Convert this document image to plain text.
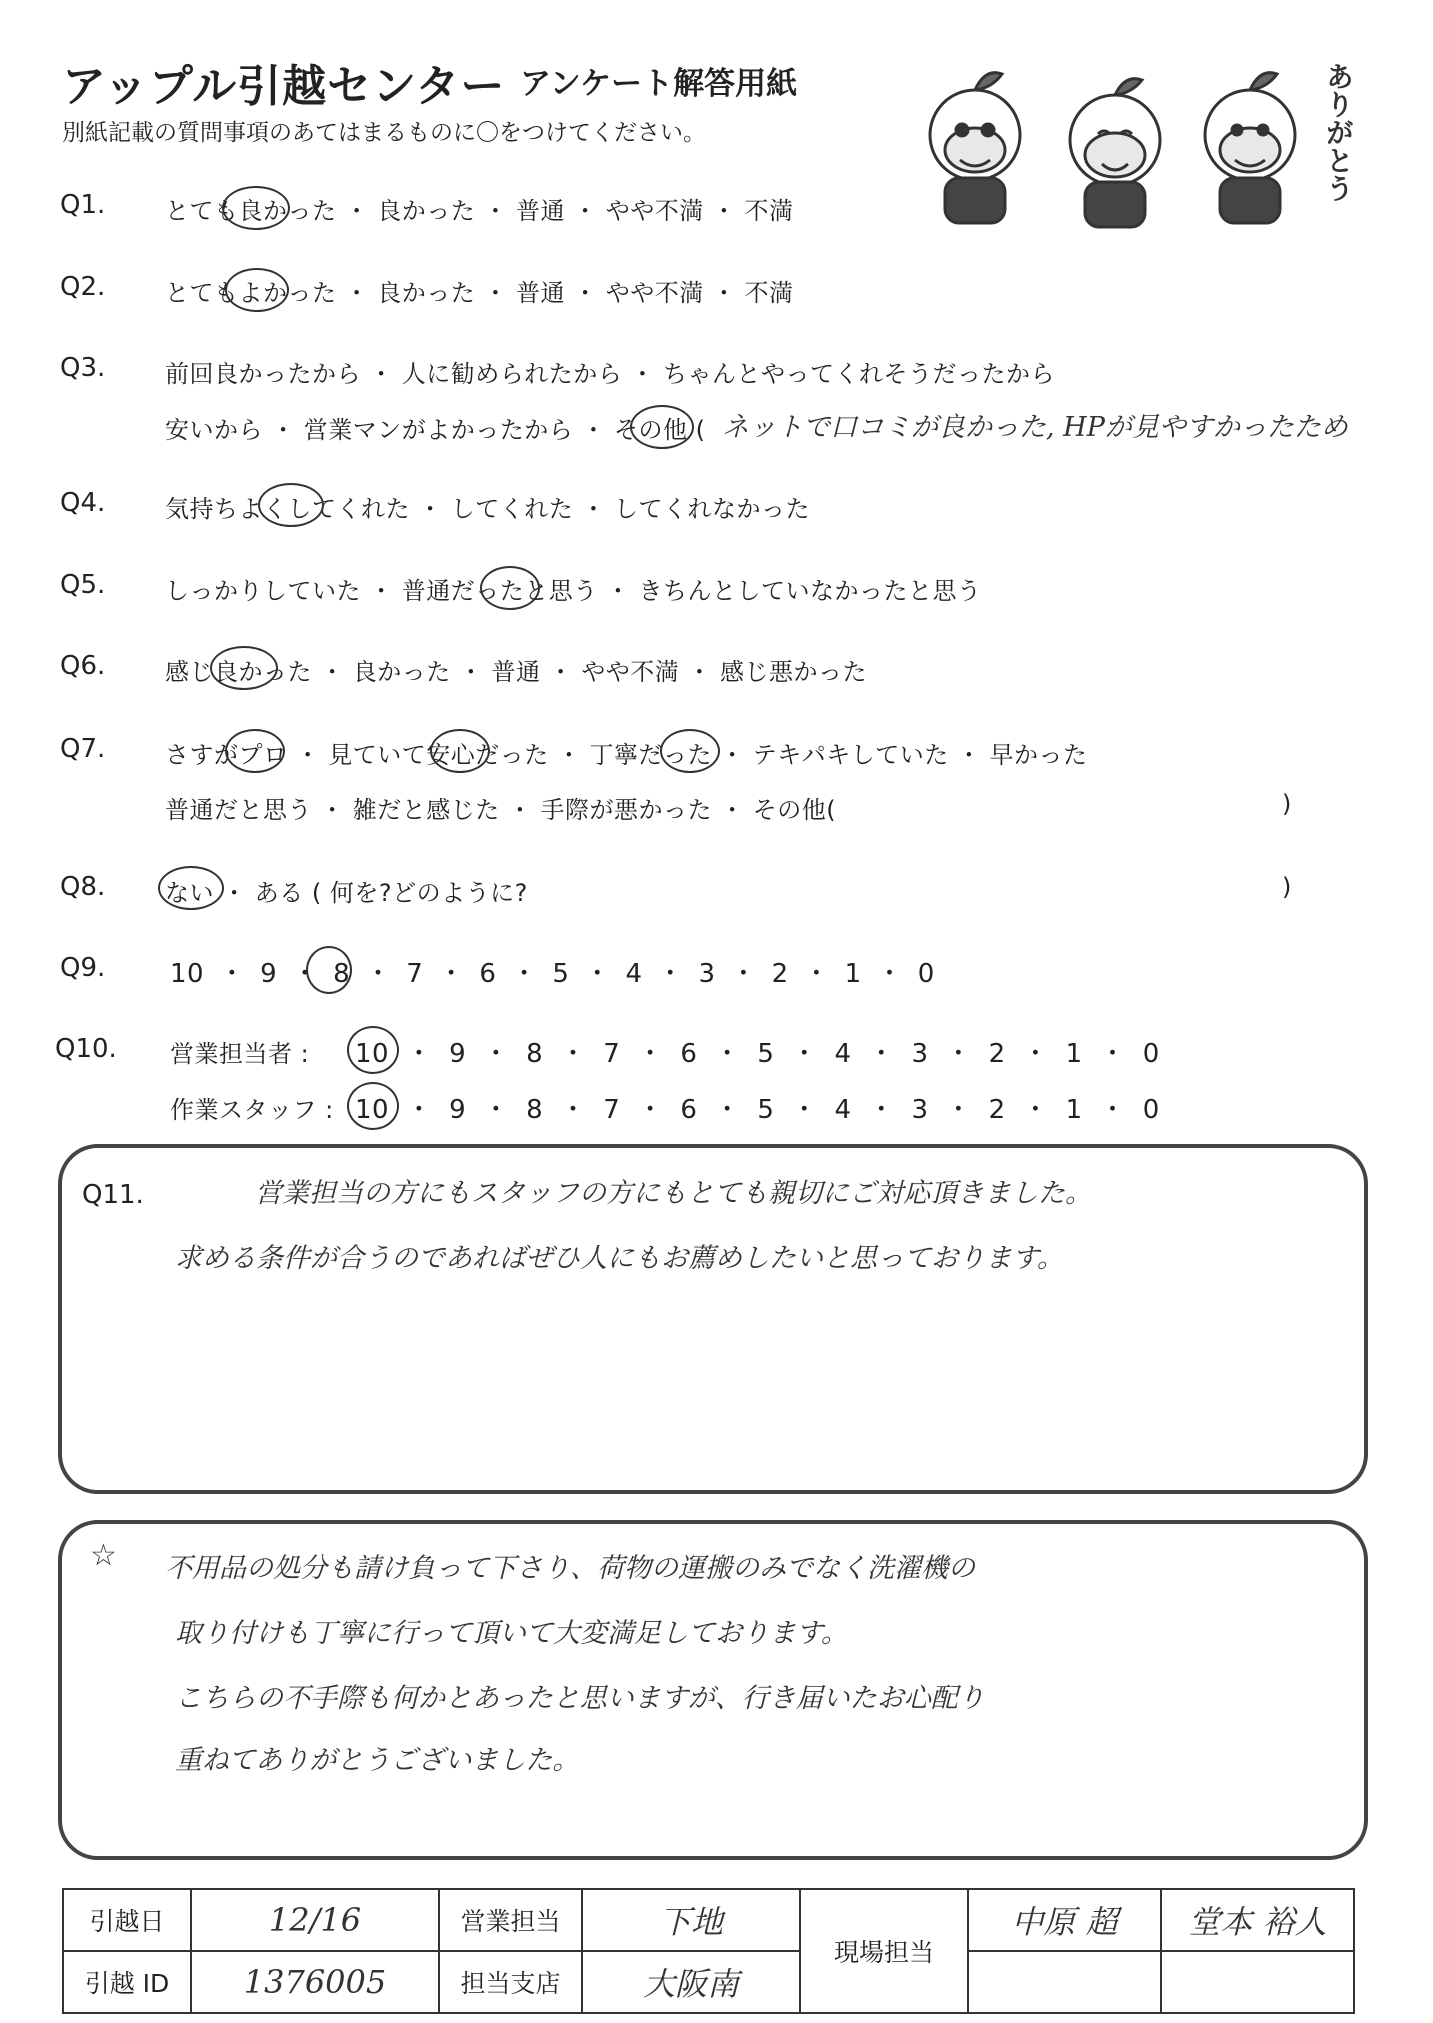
アップル引越センター アンケート解答用紙
別紙記載の質問事項のあてはまるものに〇をつけてください。	ありがとう
Q1. とても良かった ・ 良かった ・ 普通 ・ やや不満 ・ 不満
Q2. とてもよかった ・ 良かった ・ 普通 ・ やや不満 ・ 不満
Q3. 前回良かったから ・ 人に勧められたから ・ ちゃんとやってくれそうだったから
安いから ・ 営業マンがよかったから ・ その他 ( ネットで口コミが良かった, HPが見やすかったため
Q4. 気持ちよくしてくれた ・ してくれた ・ してくれなかった
Q5. しっかりしていた ・ 普通だったと思う ・ きちんとしていなかったと思う
Q6. 感じ良かった ・ 良かった ・ 普通 ・ やや不満 ・ 感じ悪かった
Q7. さすがプロ ・ 見ていて安心だった ・ 丁寧だった ・ テキパキしていた ・ 早かった
普通だと思う ・ 雑だと感じた ・ 手際が悪かった ・ その他(	)
Q8. ない ・ ある ( 何を?どのように?	)
Q9. 10 ・ 9 ・ 8 ・ 7 ・ 6 ・ 5 ・ 4 ・ 3 ・ 2 ・ 1 ・ 0
Q10. 営業担当者 : 10 ・ 9 ・ 8 ・ 7 ・ 6 ・ 5 ・ 4 ・ 3 ・ 2 ・ 1 ・ 0
作業スタッフ : 10 ・ 9 ・ 8 ・ 7 ・ 6 ・ 5 ・ 4 ・ 3 ・ 2 ・ 1 ・ 0
Q11.	営業担当の方にもスタッフの方にもとても親切にご対応頂きました。
求める条件が合うのであればぜひ人にもお薦めしたいと思っております。
☆ 不用品の処分も請け負って下さり、荷物の運搬のみでなく洗濯機の
取り付けも丁寧に行って頂いて大変満足しております。
こちらの不手際も何かとあったと思いますが、行き届いたお心配り
重ねてありがとうございました。
引越日	12/16	営業担当	下地	現場担当	中原 超	堂本 裕人
引越 ID	1376005	担当支店	大阪南			
